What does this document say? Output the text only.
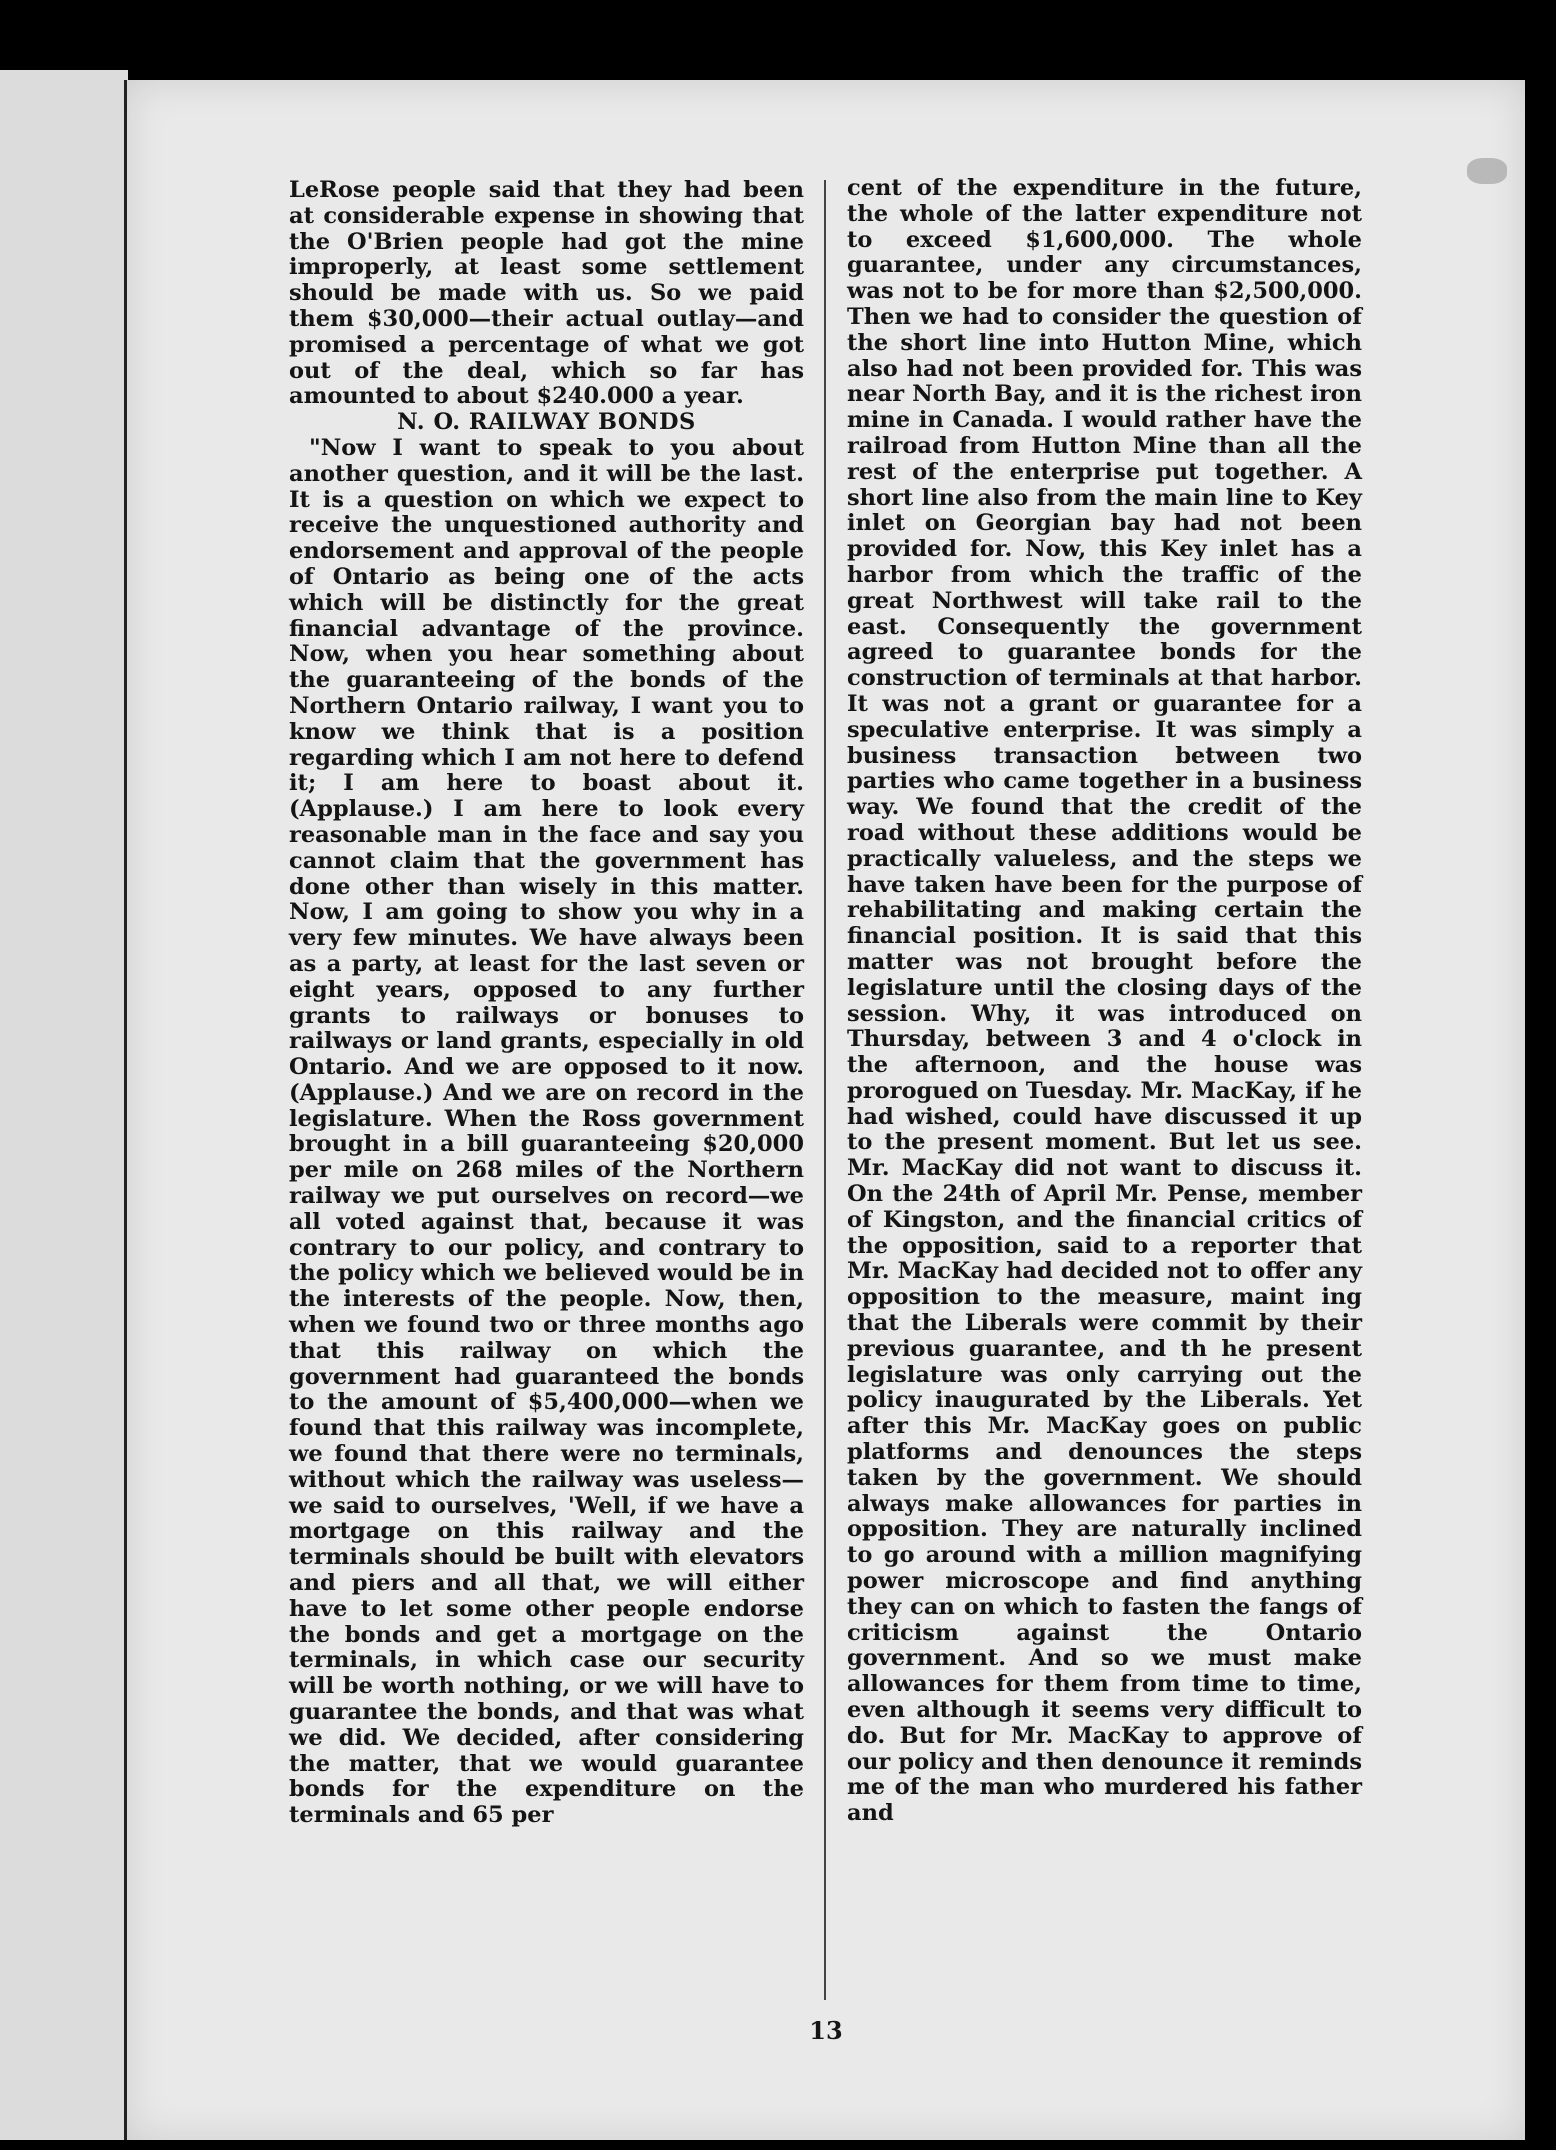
LeRose people said that they had been at considerable expense in showing that the O'Brien people had got the mine improperly, at least some settlement should be made with us. So we paid them $30,000—their actual outlay—and promised a percentage of what we got out of the deal, which so far has amounted to about $240.000 a year.

N. O. RAILWAY BONDS

"Now I want to speak to you about another question, and it will be the last. It is a question on which we expect to receive the unquestioned authority and endorsement and approval of the people of Ontario as being one of the acts which will be distinctly for the great financial advantage of the province. Now, when you hear something about the guaranteeing of the bonds of the Northern Ontario railway, I want you to know we think that is a position regarding which I am not here to defend it; I am here to boast about it. (Applause.) I am here to look every reasonable man in the face and say you cannot claim that the government has done other than wisely in this matter. Now, I am going to show you why in a very few minutes. We have always been as a party, at least for the last seven or eight years, opposed to any further grants to railways or bonuses to railways or land grants, especially in old Ontario. And we are opposed to it now. (Applause.) And we are on record in the legislature. When the Ross government brought in a bill guaranteeing $20,000 per mile on 268 miles of the Northern railway we put ourselves on record—we all voted against that, because it was contrary to our policy, and contrary to the policy which we believed would be in the interests of the people. Now, then, when we found two or three months ago that this railway on which the government had guaranteed the bonds to the amount of $5,400,000—when we found that this railway was incomplete, we found that there were no terminals, without which the railway was useless—we said to ourselves, 'Well, if we have a mortgage on this railway and the terminals should be built with elevators and piers and all that, we will either have to let some other people endorse the bonds and get a mortgage on the terminals, in which case our security will be worth nothing, or we will have to guarantee the bonds, and that was what we did. We decided, after considering the matter, that we would guarantee bonds for the expenditure on the terminals and 65 per

cent of the expenditure in the future, the whole of the latter expenditure not to exceed $1,600,000. The whole guarantee, under any circumstances, was not to be for more than $2,500,000. Then we had to consider the question of the short line into Hutton Mine, which also had not been provided for. This was near North Bay, and it is the richest iron mine in Canada. I would rather have the railroad from Hutton Mine than all the rest of the enterprise put together. A short line also from the main line to Key inlet on Georgian bay had not been provided for. Now, this Key inlet has a harbor from which the traffic of the great Northwest will take rail to the east. Consequently the government agreed to guarantee bonds for the construction of terminals at that harbor. It was not a grant or guarantee for a speculative enterprise. It was simply a business transaction between two parties who came together in a business way. We found that the credit of the road without these additions would be practically valueless, and the steps we have taken have been for the purpose of rehabilitating and making certain the financial position. It is said that this matter was not brought before the legislature until the closing days of the session. Why, it was introduced on Thursday, between 3 and 4 o'clock in the afternoon, and the house was prorogued on Tuesday. Mr. MacKay, if he had wished, could have discussed it up to the present moment. But let us see. Mr. MacKay did not want to discuss it. On the 24th of April Mr. Pense, member of Kingston, and the financial critics of the opposition, said to a reporter that Mr. MacKay had decided not to offer any opposition to the measure, maint ing that the Liberals were commit by their previous guarantee, and th he present legislature was only carrying out the policy inaugurated by the Liberals. Yet after this Mr. MacKay goes on public platforms and denounces the steps taken by the government. We should always make allowances for parties in opposition. They are naturally inclined to go around with a million magnifying power microscope and find anything they can on which to fasten the fangs of criticism against the Ontario government. And so we must make allowances for them from time to time, even although it seems very difficult to do. But for Mr. MacKay to approve of our policy and then denounce it reminds me of the man who murdered his father and

13
